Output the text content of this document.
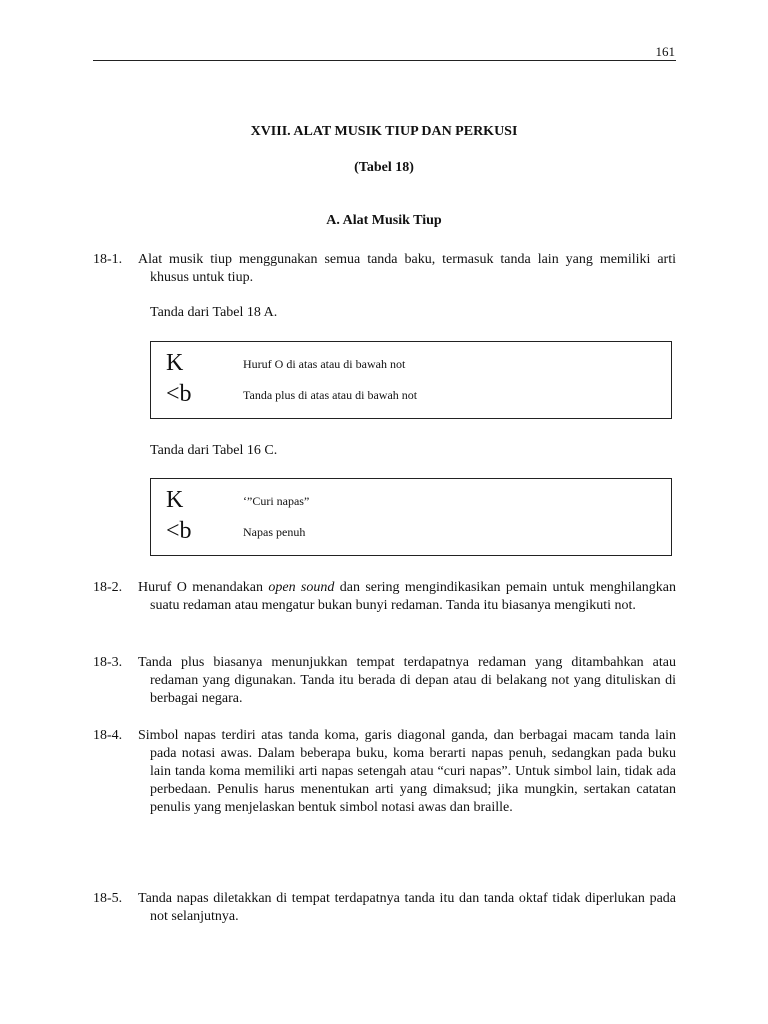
161
XVIII. ALAT MUSIK TIUP DAN PERKUSI
(Tabel 18)
A. Alat Musik Tiup
18-1. Alat musik tiup menggunakan semua tanda baku, termasuk tanda lain yang memiliki arti khusus untuk tiup.
Tanda dari Tabel 18 A.
K	Huruf O di atas atau di bawah not
<b	Tanda plus di atas atau di bawah not
Tanda dari Tabel 16 C.
K	‘”Curi napas”
<b	Napas penuh
18-2. Huruf O menandakan open sound dan sering mengindikasikan pemain untuk menghilangkan suatu redaman atau mengatur bukan bunyi redaman. Tanda itu biasanya mengikuti not.
18-3. Tanda plus biasanya menunjukkan tempat terdapatnya redaman yang ditambahkan atau redaman yang digunakan. Tanda itu berada di depan atau di belakang not yang dituliskan di berbagai negara.
18-4. Simbol napas terdiri atas tanda koma, garis diagonal ganda, dan berbagai macam tanda lain pada notasi awas. Dalam beberapa buku, koma berarti napas penuh, sedangkan pada buku lain tanda koma memiliki arti napas setengah atau “curi napas”. Untuk simbol lain, tidak ada perbedaan. Penulis harus menentukan arti yang dimaksud; jika mungkin, sertakan catatan penulis yang menjelaskan bentuk simbol notasi awas dan braille.
18-5. Tanda napas diletakkan di tempat terdapatnya tanda itu dan tanda oktaf tidak diperlukan pada not selanjutnya.
